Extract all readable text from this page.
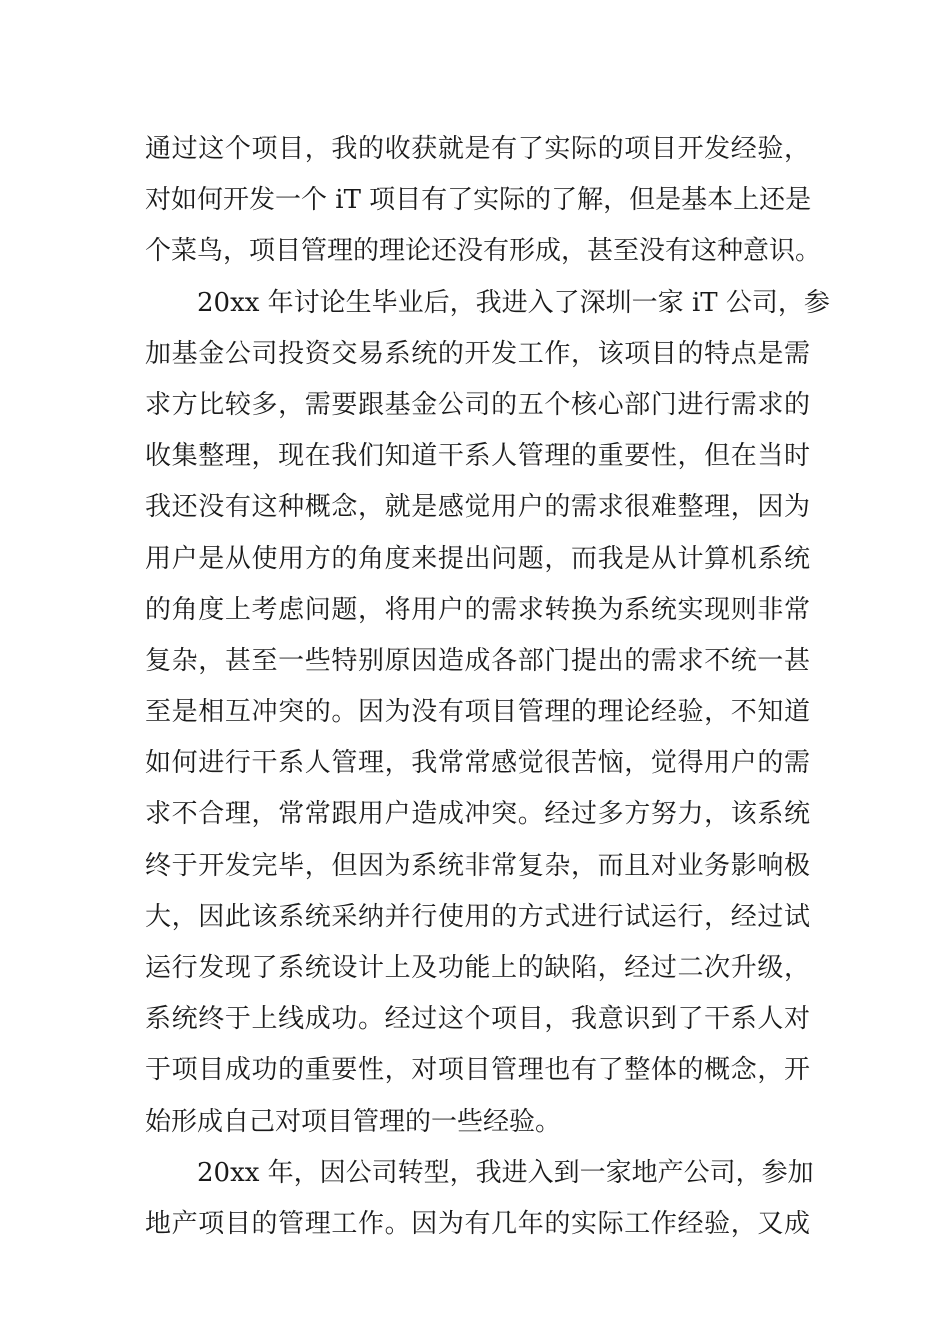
通过这个项目，我的收获就是有了实际的项目开发经验，
对如何开发一个 iT 项目有了实际的了解，但是基本上还是
个菜鸟，项目管理的理论还没有形成，甚至没有这种意识。
20xx 年讨论生毕业后，我进入了深圳一家 iT 公司，参
加基金公司投资交易系统的开发工作，该项目的特点是需
求方比较多，需要跟基金公司的五个核心部门进行需求的
收集整理，现在我们知道干系人管理的重要性，但在当时
我还没有这种概念，就是感觉用户的需求很难整理，因为
用户是从使用方的角度来提出问题，而我是从计算机系统
的角度上考虑问题，将用户的需求转换为系统实现则非常
复杂，甚至一些特别原因造成各部门提出的需求不统一甚
至是相互冲突的。因为没有项目管理的理论经验，不知道
如何进行干系人管理，我常常感觉很苦恼，觉得用户的需
求不合理，常常跟用户造成冲突。经过多方努力，该系统
终于开发完毕，但因为系统非常复杂，而且对业务影响极
大，因此该系统采纳并行使用的方式进行试运行，经过试
运行发现了系统设计上及功能上的缺陷，经过二次升级，
系统终于上线成功。经过这个项目，我意识到了干系人对
于项目成功的重要性，对项目管理也有了整体的概念，开
始形成自己对项目管理的一些经验。
20xx 年，因公司转型，我进入到一家地产公司，参加
地产项目的管理工作。因为有几年的实际工作经验，又成
